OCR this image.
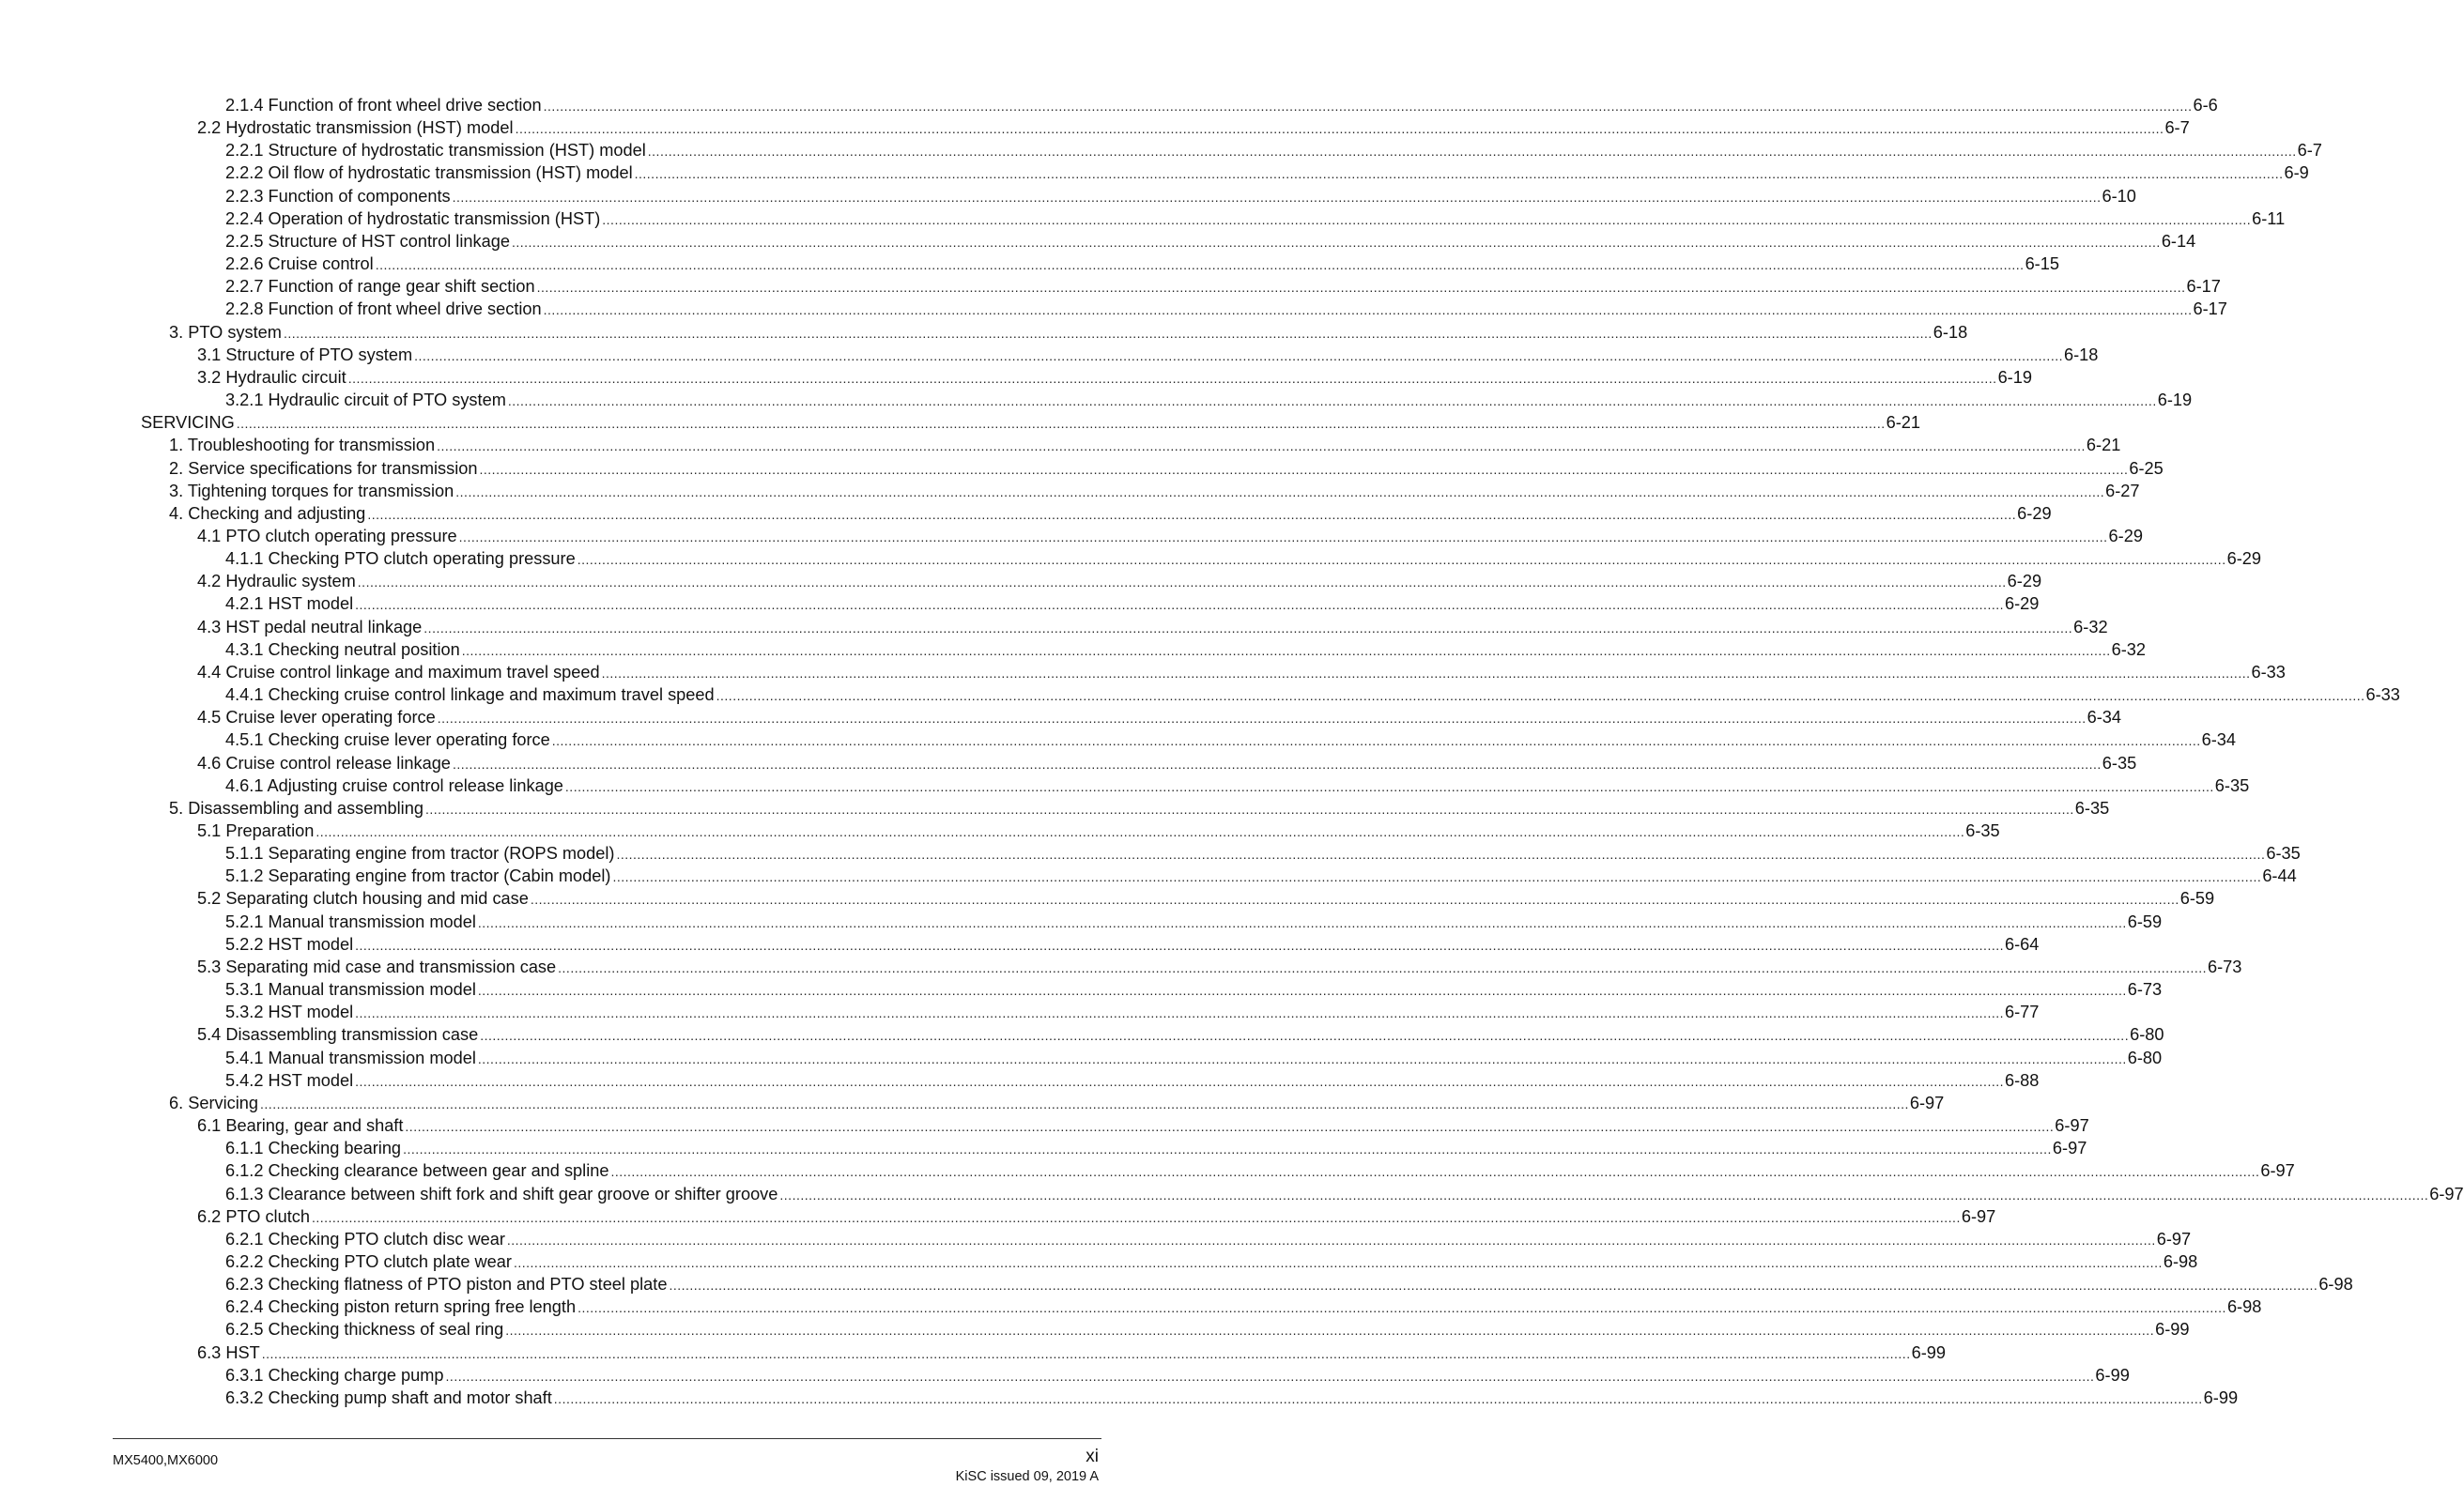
2.1.4 Function of front wheel drive section ................................................................................................................................................................................................................................................................................................................................................................................................................ 6-6
2.2 Hydrostatic transmission (HST) model ................................................................................................................................................................................................................................................................................................................................................................................................................ 6-7
2.2.1 Structure of hydrostatic transmission (HST) model ................................................................................................................................................................................................................................................................................................................................................................................................................ 6-7
2.2.2 Oil flow of hydrostatic transmission (HST) model ................................................................................................................................................................................................................................................................................................................................................................................................................ 6-9
2.2.3 Function of components ................................................................................................................................................................................................................................................................................................................................................................................................................ 6-10
2.2.4 Operation of hydrostatic transmission (HST) ................................................................................................................................................................................................................................................................................................................................................................................................................ 6-11
2.2.5 Structure of HST control linkage ................................................................................................................................................................................................................................................................................................................................................................................................................ 6-14
2.2.6 Cruise control ................................................................................................................................................................................................................................................................................................................................................................................................................ 6-15
2.2.7 Function of range gear shift section ................................................................................................................................................................................................................................................................................................................................................................................................................ 6-17
2.2.8 Function of front wheel drive section ................................................................................................................................................................................................................................................................................................................................................................................................................ 6-17
3. PTO system ................................................................................................................................................................................................................................................................................................................................................................................................................ 6-18
3.1 Structure of PTO system ................................................................................................................................................................................................................................................................................................................................................................................................................ 6-18
3.2 Hydraulic circuit ................................................................................................................................................................................................................................................................................................................................................................................................................ 6-19
3.2.1 Hydraulic circuit of PTO system ................................................................................................................................................................................................................................................................................................................................................................................................................ 6-19
SERVICING ................................................................................................................................................................................................................................................................................................................................................................................................................ 6-21
1. Troubleshooting for transmission ................................................................................................................................................................................................................................................................................................................................................................................................................ 6-21
2. Service specifications for transmission ................................................................................................................................................................................................................................................................................................................................................................................................................ 6-25
3. Tightening torques for transmission ................................................................................................................................................................................................................................................................................................................................................................................................................ 6-27
4. Checking and adjusting ................................................................................................................................................................................................................................................................................................................................................................................................................ 6-29
4.1 PTO clutch operating pressure ................................................................................................................................................................................................................................................................................................................................................................................................................ 6-29
4.1.1 Checking PTO clutch operating pressure ................................................................................................................................................................................................................................................................................................................................................................................................................ 6-29
4.2 Hydraulic system ................................................................................................................................................................................................................................................................................................................................................................................................................ 6-29
4.2.1 HST model ................................................................................................................................................................................................................................................................................................................................................................................................................ 6-29
4.3 HST pedal neutral linkage ................................................................................................................................................................................................................................................................................................................................................................................................................ 6-32
4.3.1 Checking neutral position ................................................................................................................................................................................................................................................................................................................................................................................................................ 6-32
4.4 Cruise control linkage and maximum travel speed ................................................................................................................................................................................................................................................................................................................................................................................................................ 6-33
4.4.1 Checking cruise control linkage and maximum travel speed ................................................................................................................................................................................................................................................................................................................................................................................................................ 6-33
4.5 Cruise lever operating force ................................................................................................................................................................................................................................................................................................................................................................................................................ 6-34
4.5.1 Checking cruise lever operating force ................................................................................................................................................................................................................................................................................................................................................................................................................ 6-34
4.6 Cruise control release linkage ................................................................................................................................................................................................................................................................................................................................................................................................................ 6-35
4.6.1 Adjusting cruise control release linkage ................................................................................................................................................................................................................................................................................................................................................................................................................ 6-35
5. Disassembling and assembling ................................................................................................................................................................................................................................................................................................................................................................................................................ 6-35
5.1 Preparation ................................................................................................................................................................................................................................................................................................................................................................................................................ 6-35
5.1.1 Separating engine from tractor (ROPS model) ................................................................................................................................................................................................................................................................................................................................................................................................................ 6-35
5.1.2 Separating engine from tractor (Cabin model) ................................................................................................................................................................................................................................................................................................................................................................................................................ 6-44
5.2 Separating clutch housing and mid case ................................................................................................................................................................................................................................................................................................................................................................................................................ 6-59
5.2.1 Manual transmission model ................................................................................................................................................................................................................................................................................................................................................................................................................ 6-59
5.2.2 HST model ................................................................................................................................................................................................................................................................................................................................................................................................................ 6-64
5.3 Separating mid case and transmission case ................................................................................................................................................................................................................................................................................................................................................................................................................ 6-73
5.3.1 Manual transmission model ................................................................................................................................................................................................................................................................................................................................................................................................................ 6-73
5.3.2 HST model ................................................................................................................................................................................................................................................................................................................................................................................................................ 6-77
5.4 Disassembling transmission case ................................................................................................................................................................................................................................................................................................................................................................................................................ 6-80
5.4.1 Manual transmission model ................................................................................................................................................................................................................................................................................................................................................................................................................ 6-80
5.4.2 HST model ................................................................................................................................................................................................................................................................................................................................................................................................................ 6-88
6. Servicing ................................................................................................................................................................................................................................................................................................................................................................................................................ 6-97
6.1 Bearing, gear and shaft ................................................................................................................................................................................................................................................................................................................................................................................................................ 6-97
6.1.1 Checking bearing ................................................................................................................................................................................................................................................................................................................................................................................................................ 6-97
6.1.2 Checking clearance between gear and spline ................................................................................................................................................................................................................................................................................................................................................................................................................ 6-97
6.1.3 Clearance between shift fork and shift gear groove or shifter groove ................................................................................................................................................................................................................................................................................................................................................................................................................ 6-97
6.2 PTO clutch ................................................................................................................................................................................................................................................................................................................................................................................................................ 6-97
6.2.1 Checking PTO clutch disc wear ................................................................................................................................................................................................................................................................................................................................................................................................................ 6-97
6.2.2 Checking PTO clutch plate wear ................................................................................................................................................................................................................................................................................................................................................................................................................ 6-98
6.2.3 Checking flatness of PTO piston and PTO steel plate ................................................................................................................................................................................................................................................................................................................................................................................................................ 6-98
6.2.4 Checking piston return spring free length ................................................................................................................................................................................................................................................................................................................................................................................................................ 6-98
6.2.5 Checking thickness of seal ring ................................................................................................................................................................................................................................................................................................................................................................................................................ 6-99
6.3 HST ................................................................................................................................................................................................................................................................................................................................................................................................................ 6-99
6.3.1 Checking charge pump ................................................................................................................................................................................................................................................................................................................................................................................................................ 6-99
6.3.2 Checking pump shaft and motor shaft ................................................................................................................................................................................................................................................................................................................................................................................................................ 6-99
MX5400,MX6000	xi
KiSC issued 09, 2019 A
